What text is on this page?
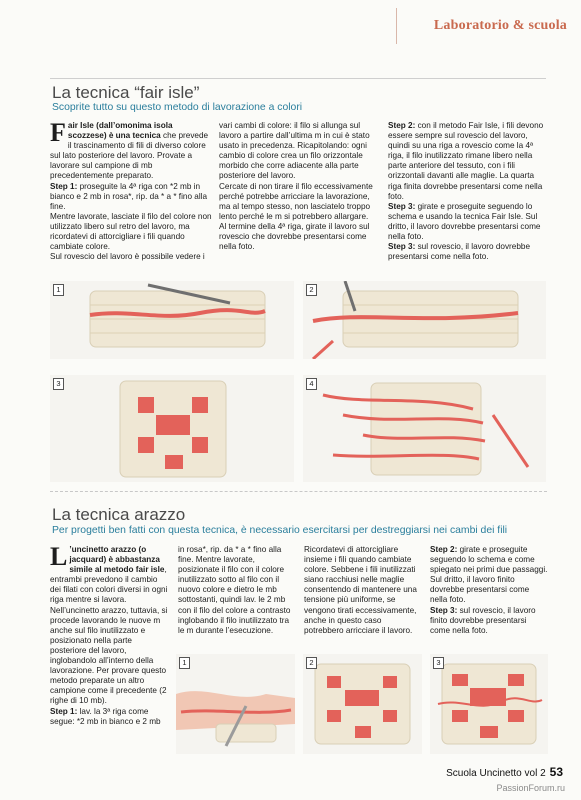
Laboratorio & scuola
La tecnica “fair isle”
Scoprite tutto su questo metodo di lavorazione a colori

Fair Isle (dall’omonima isola scozzese) è una tecnica che prevede il trascinamento di fili di diverso colore sul lato posteriore del lavoro. Provate a lavorare sul campione di mb precedentemente preparato.

Step 1: proseguite la 4ª riga con *2 mb in bianco e 2 mb in rosa*, rip. da * a * fino alla fine.

Mentre lavorate, lasciate il filo del colore non utilizzato libero sul retro del lavoro, ma ricordatevi di attorcigliare i fili quando cambiate colore.

Sul rovescio del lavoro è possibile vedere i

vari cambi di colore: il filo si allunga sul lavoro a partire dall’ultima m in cui è stato usato in precedenza. Ricapitolando: ogni cambio di colore crea un filo orizzontale morbido che corre adiacente alla parte posteriore del lavoro.

Cercate di non tirare il filo eccessivamente perché potrebbe arricciare la lavorazione, ma al tempo stesso, non lasciatelo troppo lento perché le m si potrebbero allargare.

Al termine della 4ª riga, girate il lavoro sul rovescio che dovrebbe presentarsi come nella foto.

Step 2: con il metodo Fair Isle, i fili devono essere sempre sul rovescio del lavoro, quindi su una riga a rovescio come la 4ª riga, il filo inutilizzato rimane libero nella parte anteriore del tessuto, con i fili orizzontali davanti alle maglie. La quarta riga finita dovrebbe presentarsi come nella foto.

Step 3: girate e proseguite seguendo lo schema e usando la tecnica Fair Isle. Sul dritto, il lavoro dovrebbe presentarsi come nella foto.

Step 3: sul rovescio, il lavoro dovrebbe presentarsi come nella foto.

1	2
3	4
La tecnica arazzo
Per progetti ben fatti con questa tecnica, è necessario esercitarsi per destreggiarsi nei cambi dei fili

L ’uncinetto arazzo (o jacquard) è abbastanza simile al metodo fair isle, entrambi prevedono il cambio dei filati con colori diversi in ogni riga mentre si lavora. Nell’uncinetto arazzo, tuttavia, si procede lavorando le nuove m anche sul filo inutilizzato e posizionato nella parte posteriore del lavoro, inglobandolo all’interno della lavorazione. Per provare questo metodo preparate un altro campione come il precedente (2 righe di 10 mb).

Step 1: lav. la 3ª riga come segue: *2 mb in bianco e 2 mb

in rosa*, rip. da * a * fino alla fine. Mentre lavorate, posizionate il filo con il colore inutilizzato sotto al filo con il nuovo colore e dietro le mb sottostanti, quindi lav. le 2 mb con il filo del colore a contrasto inglobando il filo inutilizzato tra le m durante l’esecuzione.

Ricordatevi di attorcigliare insieme i fili quando cambiate colore. Sebbene i fili inutilizzati siano racchiusi nelle maglie consentendo di mantenere una tensione più uniforme, se vengono tirati eccessivamente, anche in questo caso potrebbero arricciare il lavoro.

Step 2: girate e proseguite seguendo lo schema e come spiegato nei primi due passaggi. Sul dritto, il lavoro finito dovrebbe presentarsi come nella foto.

Step 3: sul rovescio, il lavoro finito dovrebbe presentarsi come nella foto.

1	2	3
Scuola Uncinetto vol 2 53
PassionForum.ru
